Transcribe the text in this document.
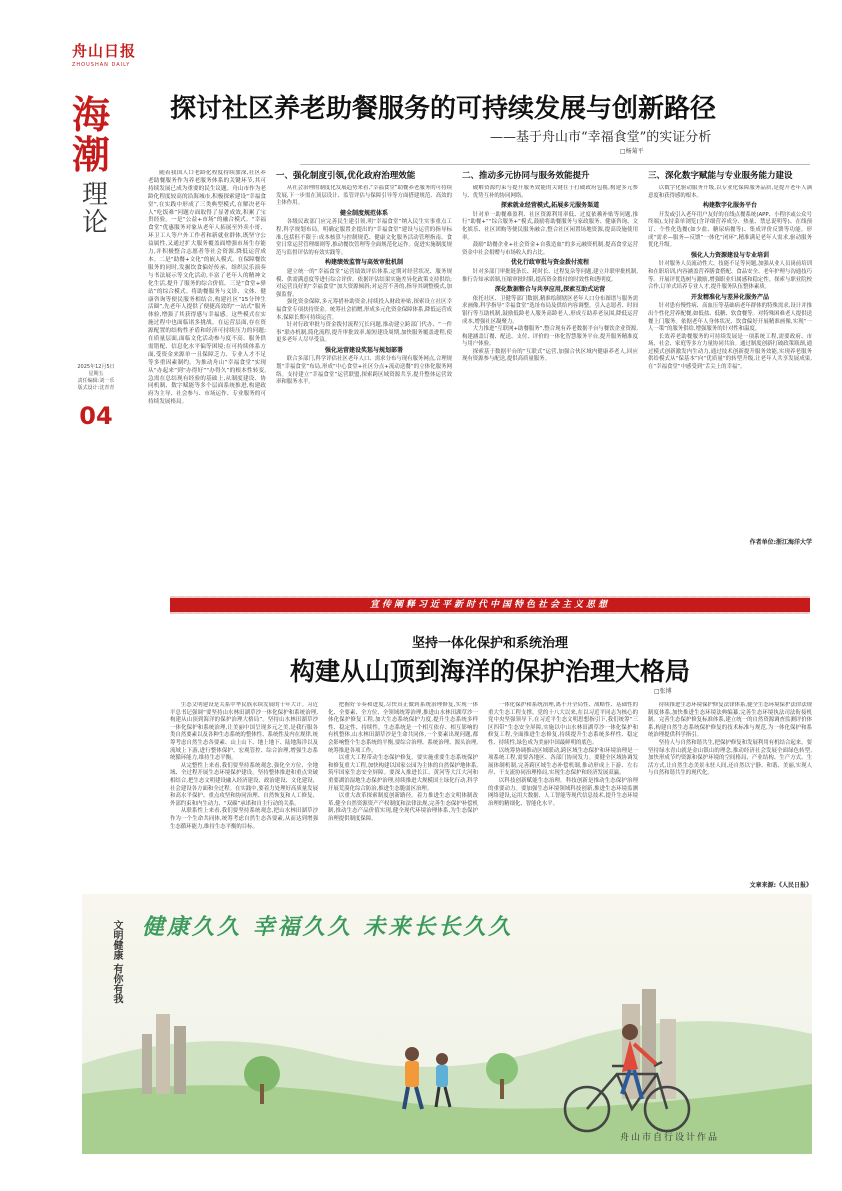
舟山日报
ZHOUSHAN DAILY
海
潮
理
论
2025年12月5日
星期五
责任编辑:刘一乐
版式设计:沈青青
04
探讨社区养老助餐服务的可持续发展与创新路径
——基于舟山市“幸福食堂”的实证分析
□杨菊平

随着我国人口老龄化程度持续加深,社区养老助餐服务作为养老服务体系的关键环节,其可持续发展已成为重要的民生议题。舟山市作为老龄化程度较高的沿海城市,积极探索建设“幸福食堂”,在实践中形成了三类典型模式,在解决老年人“吃饭难”问题方面取得了显著成效,积累了宝贵经验。一是“公益+市场”的融合模式。“幸福食堂”优惠服务对象从老年人拓展至外卖小哥、环卫工人等户外工作者和新就业群体,既坚守公益属性,又通过扩大服务覆盖面增强市场生存能力,并积极整合志愿者等社会资源,降低运营成本。二是“助餐+文化”的嵌入模式。在保障餐饮服务的同时,发掘饮食偏好传承、组织民乐演奏与书法展示等文化活动,丰富了老年人的精神文化生活,提升了服务的综合价值。三是“食堂+驿站”的综合模式。将助餐服务与义诊、文体、健康咨询等便民服务相结合,构建社区“15分钟生活圈”,先老年人提供了便捷高效的“一站式”服务体验,增强了其获得感与幸福感。这些模式在实施过程中也面临诸多挑战。在运营层面,存在资源配置的结构性矛盾和经济可持续压力的问题;在质量层面,面临文化活动参与度不高、服务供需错配、信息化水平偏等困境;在可持续体系方面,受资金来源单一且保障乏力、专业人才不足等多重因素制约。为推动舟山“幸福食堂”实现从“办起来”到“办得好”“办得久”的根本性转变,急需在总结现有经验的基础上,从制度建设、协同机制、数字赋能等多个层面系统推进,构建政府为主导、社会参与、市场运作、专业服务的可持续发展格局。

一、强化制度引领,优化政府治理效能

从社会治理的制度化发展趋势来看,“幸福食堂”助餐养老服务的可持续发展,下一步需在顶层设计、监管评估与保障引导等方面搭建规范、高效的主体作用。

健全制度规范体系

各级民政部门应完善民生建引领,明“幸福食堂”纳入民生实事重点工程,科学规划布局。明确定服置企提出的“幸福食堂”建设与运营的指导标准,包括但不限于:成本核算与控制规范、健康文化服务活动管理指南、食堂日常运营管理细则等,推动餐饮管理等全面规范化运作。促进实施制度规范与监督评估的有效实践等。

构建绩效监管与高效审批机制

建立统一的“幸福食堂”运营绩效评估体系,定期对经营状况、服务规模、供需满意度等进行综合评价。依据评估结果实施差异化政策支持供给;对运营良好的“幸福食堂”加大资源倾斜;对运营不善的,指导其调整模式,加强监督。

强化资金保障,多元筹措补助资金,持续投入财政补贴,探索设立社区幸福食堂专项扶持资金。统筹社会捐赠,形成多元化资金保障体系,降低运营成本,保障长期可持续运营。

针对行政审批与资金拨付流程冗长问题,推动建立跨部门代办、“一件事”联办机制,简化流程,提升审批效率,缩短建设周期,加快服务覆盖进程,使更多老年人尽早受益。

强化运营建设奖惩与规划部署

联合多部门,科学评估社区老年人口、需求分布与现有服务网点,合理规划“幸福食堂”布局,形成“中心食堂+社区分点+流动送餐”的立体化服务网络。支持建立“幸福食堂”运营联盟,探索跨区域资源共享,提升整体运营效率和服务水平。

二、推动多元协同与服务效能提升

破解资源约束与提升服务效能的关键在于打破政府包揽,构建多元参与、优势互补的协同网络。

探索就业经营模式,拓展多元服务渠道

针对单一助餐难盈利、社区资源利用率低、过度依赖补贴等问题,推行“助餐+”“综合服务+”模式,鼓励将助餐服务与家政服务、健康咨询、文化娱乐、社区团购等便民服务融合,整合社区闲置场地资源,提高设施使用率。

鼓励“助餐企业+社会资金+自我造血”的多元融资机制,提高食堂运营资金中社会捐赠与市场收入的占比。

优化行政审批与资金拨付流程

针对多部门审批链条长、耗时长、过程复杂等问题,建立并联审批机制,推行告知承诺制,压缩审批时限,提高资金拨付的时效性和透明度。

深化数据整合与共享应用,探索互助式运营

依托社区、卫健等部门数据,精准绘制辖区老年人口分布图谱与服务需求画像,科学指导“幸福食堂”选址布局及供给内容调整。引入志愿者、时间银行等互助机制,鼓励低龄老人服务高龄老人,形成互助养老氛围,降低运营成本,增强社区凝聚力。

大力推进“互联网+助餐服务”,整合现有养老数据平台与餐饮企业资源,构建涵盖订餐、配送、支付、评价的一体化智慧服务平台,提升服务精准度与用户体验。

探索基于数据平台的“互联式”运营,加强合伙区域内健康养老人,回应现有资源参与配送,提供高质量服务。

三、深化数字赋能与专业服务能力建设

以数字化驱动服务升级,以专业化保障服务品质,是提升老年人满意度和获得感的根本。

构建数字化服务平台

开发或引入老年用户友好的在线点餐系统(APP、小程序或公众号终端),支持菜单浏览(含详细营养成分、热量、禁忌说明等)、在线预订、个性化选餐(如少盐、糖尿病餐等)、集成评价反馈等功能。形成“需求—服务—反馈”一体化“闭环”,精准满足老年人需求,驱动服务优化升级。

强化人力资源建设与专业培训

针对服务人员流动性大、技能不足等问题,加强从业人员岗前培训和在职培训,内容涵盖营养膳食搭配、食品安全、老年护理与沟通技巧等。开展评优选树与激励,增强职业归属感和稳定性。探索与职业院校合作,订单式培养专业人才,提升服务队伍整体素质。

开发精准化与差异化服务产品

针对患有慢性病、高血压等基础病老年群体的特殊需求,设计并推出个性化营养配餐,如低盐、低糖、软食餐等。对特殊困难老人提供送餐上门服务。依据老年人身体状况、饮食偏好开展精准画像,实现“一人一策”的服务供给,增强服务的针对性和温度。

长效养老助餐服务的可持续发展是一项系统工程,需要政府、市场、社会、家庭等多方力量协同共治。通过制度创新打破政策瓶颈,通过模式创新激发内生动力,通过技术创新提升服务效能,实现养老服务供给模式从“保基本”向“优质量”的转型升级,让老年人共享发展成果,在“幸福食堂”中感受到“舌尖上的幸福”。

作者单位:浙江海洋大学
宣传阐释习近平新时代中国特色社会主义思想
坚持一体化保护和系统治理
构建从山顶到海洋的保护治理大格局
□张博

生态文明建设是关系中华民族永续发展的千年大计。习近平总书记强调“要坚持山水林田湖草沙一体化保护和系统治理,构建从山顶到海洋的保护治理大格局”。坚持山水林田湖草沙一体化保护和系统治理,让美丽中国呈现多元之美,是我行服各类自然要素以及各种生态系统的整体性、系统性及内在规律,统筹考虑自然生态各要素、山上山下、地上地下、陆地海洋以及流域上下游,进行整体保护、宏观管控、综合治理,增强生态系统循环能力,维持生态平衡。

从完整性上来看,我们要坚持系统观念,强化全方位、全地域、全过程开展生态环境保护建设。坚持整体推进和重点突破相结合,把生态文明建设融入经济建设、政治建设、文化建设、社会建设各方面和全过程。在实践中,要着力处理好高质量发展和高水平保护、重点攻坚和协同治理、自然恢复和人工修复、外部约束和内生动力、“双碳”承诺和自主行动的关系。

从联系性上来看,我们要坚持系统观念,把山水林田湖草沙作为一个生命共同体,统筹考虑自然生态各要素,从而达到增强生态循环能力,维持生态平衡的目标。

把握好节奏和进度,尽快真正做到系统治理修复,实现一体化、全要素、全方位、全领域统筹治理,推进山水林田湖草沙一体化保护修复工程,加大生态系统保护力度,提升生态系统多样性、稳定性、持续性。生态系统是一个相互依存、相互影响的有机整体,山水林田湖草沙是生命共同体,一个要素出现问题,都会影响整个生态系统的平衡,要综合治理、系统治理、源头治理,统筹推进各项工作。

以重大工程带动生态保护修复。要实施重要生态系统保护和修复重大工程,加快构建以国家公园为主体的自然保护地体系,筑牢国家生态安全屏障。要深入推进长江、黄河等大江大河和重要湖泊湿地生态保护治理,持续推进大规模国土绿化行动,科学开展荒漠化综合防治,推进生态脆弱区治理。

以重大改革探索制度创新路径。着力推进生态文明体制改革,健全自然资源资产产权制度和法律法规,完善生态保护补偿机制,推动生态产品价值实现,健全现代环境治理体系,为生态保护治理提供制度保障。

一体化保护和系统治理,离不开全局性、战略性、基础性的重大生态工程支撑。党的十八大以来,在以习近平同志为核心的党中央坚强领导下,在习近平生态文明思想指引下,我们统筹“三区四带”生态安全屏障,实施以中山水林田湖草沙一体化保护和修复工程,全面推进生态修复,持续提升生态系统多样性、稳定性、持续性,绿色成为美丽中国最鲜明的底色。

以统筹协调推动区域联动,跨区域生态保护和环境治理是一项系统工程,需要各地区、各部门协同发力。要健全区域协调发展体制机制,完善跨区域生态补偿机制,推动形成上下游、左右岸、干支流协同治理格局,实现生态保护和经济发展双赢。

以科技创新赋能生态治理。科技创新是推动生态保护治理的重要动力。要加强生态环境领域科技创新,推进生态环境监测网络建设,运用大数据、人工智能等现代信息技术,提升生态环境治理的精细化、智能化水平。

持续推进生态环境保护修复法律体系,健全生态环境保护法律法规制度体系,加快推进生态环境法典编纂,完善生态环境执法司法衔接机制。完善生态保护修复标准体系,建立统一的自然资源调查监测评价体系,构建自然生态系统保护修复的技术标准与规范,为一体化保护和系统治理提供科学指引。

坚持人与自然和谐共生,把保护修复和发展利用有机结合起来。要坚持绿水青山就是金山银山的理念,推动经济社会发展全面绿色转型,加快形成节约资源和保护环境的空间格局、产业结构、生产方式、生活方式,让自然生态美景永驻人间,还自然以宁静、和谐、美丽,实现人与自然和谐共生的现代化。

文章来源:《人民日报》
健康久久 幸福久久 未来长长久久
文明健康 有你有我
舟山市自行设计作品
